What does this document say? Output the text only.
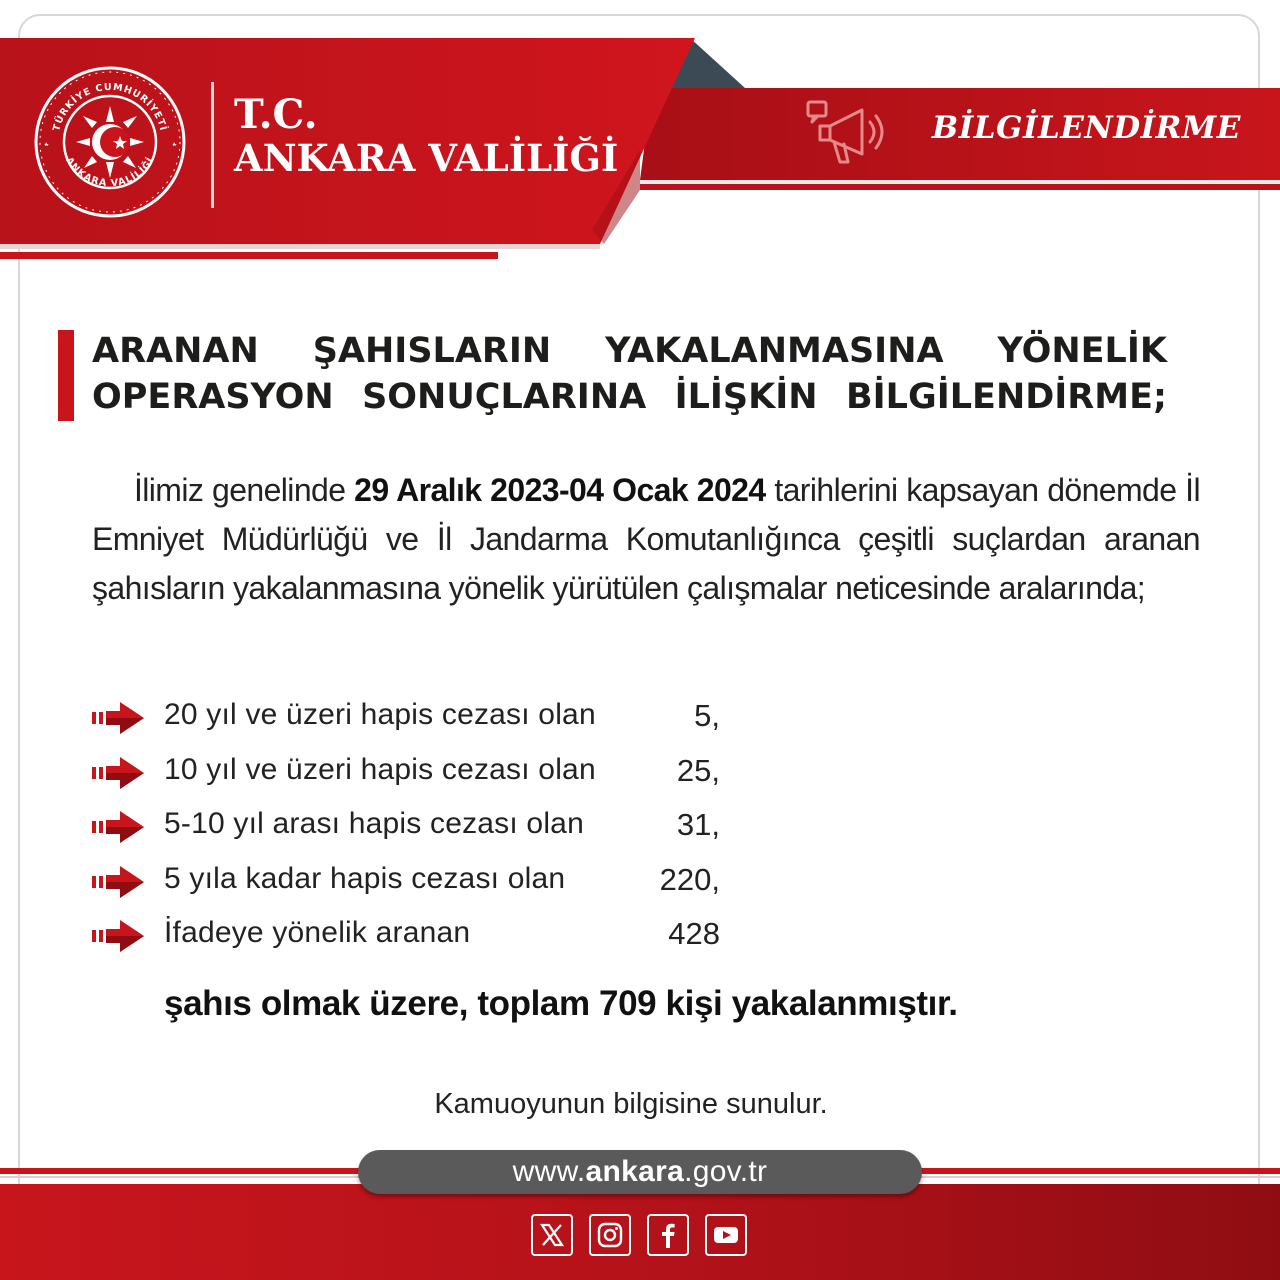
TÜRKİYE CUMHURİYETİ
ANKARA VALİLİĞİ
T.C.
ANKARA VALİLİĞİ
BİLGİLENDİRME
ARANAN ŞAHISLARIN YAKALANMASINA YÖNELİK OPERASYON SONUÇLARINA İLİŞKİN BİLGİLENDİRME;

İlimiz genelinde 29 Aralık 2023-04 Ocak 2024 tarihlerini kapsayan dönemde İl Emniyet Müdürlüğü ve İl Jandarma Komutanlığınca çeşitli suçlardan aranan şahısların yakalanmasına yönelik yürütülen çalışmalar neticesinde aralarında;

20 yıl ve üzeri hapis cezası olan	5,
10 yıl ve üzeri hapis cezası olan	25,
5-10 yıl arası hapis cezası olan	31,
5 yıla kadar hapis cezası olan	220,
İfadeye yönelik aranan	428

şahıs olmak üzere, toplam 709 kişi yakalanmıştır.

Kamuoyunun bilgisine sunulur.

www.ankara.gov.tr
